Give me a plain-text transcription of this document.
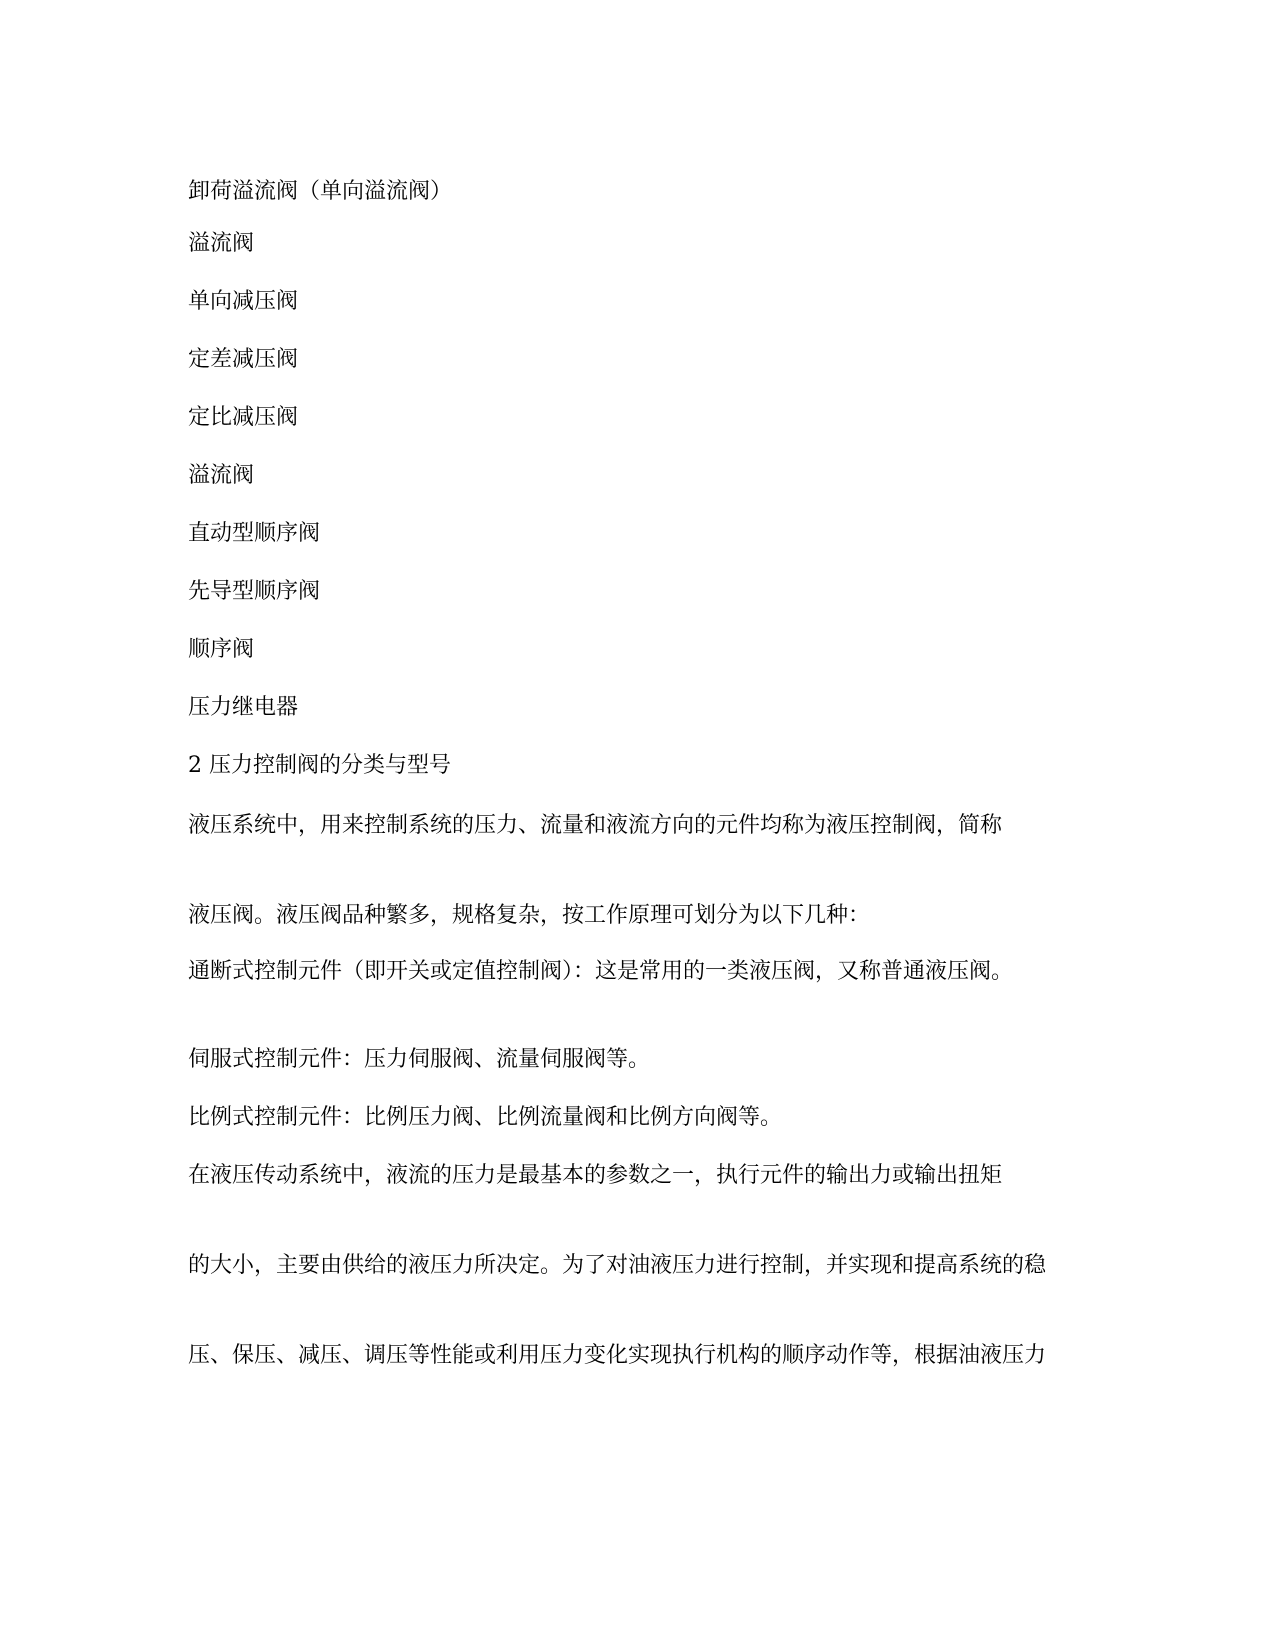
卸荷溢流阀（单向溢流阀）
溢流阀
单向减压阀
定差减压阀
定比减压阀
溢流阀
直动型顺序阀
先导型顺序阀
顺序阀
压力继电器
2 压力控制阀的分类与型号
液压系统中，用来控制系统的压力、流量和液流方向的元件均称为液压控制阀，简称
液压阀。液压阀品种繁多，规格复杂，按工作原理可划分为以下几种：
通断式控制元件（即开关或定值控制阀）：这是常用的一类液压阀，又称普通液压阀。
伺服式控制元件：压力伺服阀、流量伺服阀等。
比例式控制元件：比例压力阀、比例流量阀和比例方向阀等。
在液压传动系统中，液流的压力是最基本的参数之一，执行元件的输出力或输出扭矩
的大小，主要由供给的液压力所决定。为了对油液压力进行控制，并实现和提高系统的稳
压、保压、减压、调压等性能或利用压力变化实现执行机构的顺序动作等，根据油液压力
